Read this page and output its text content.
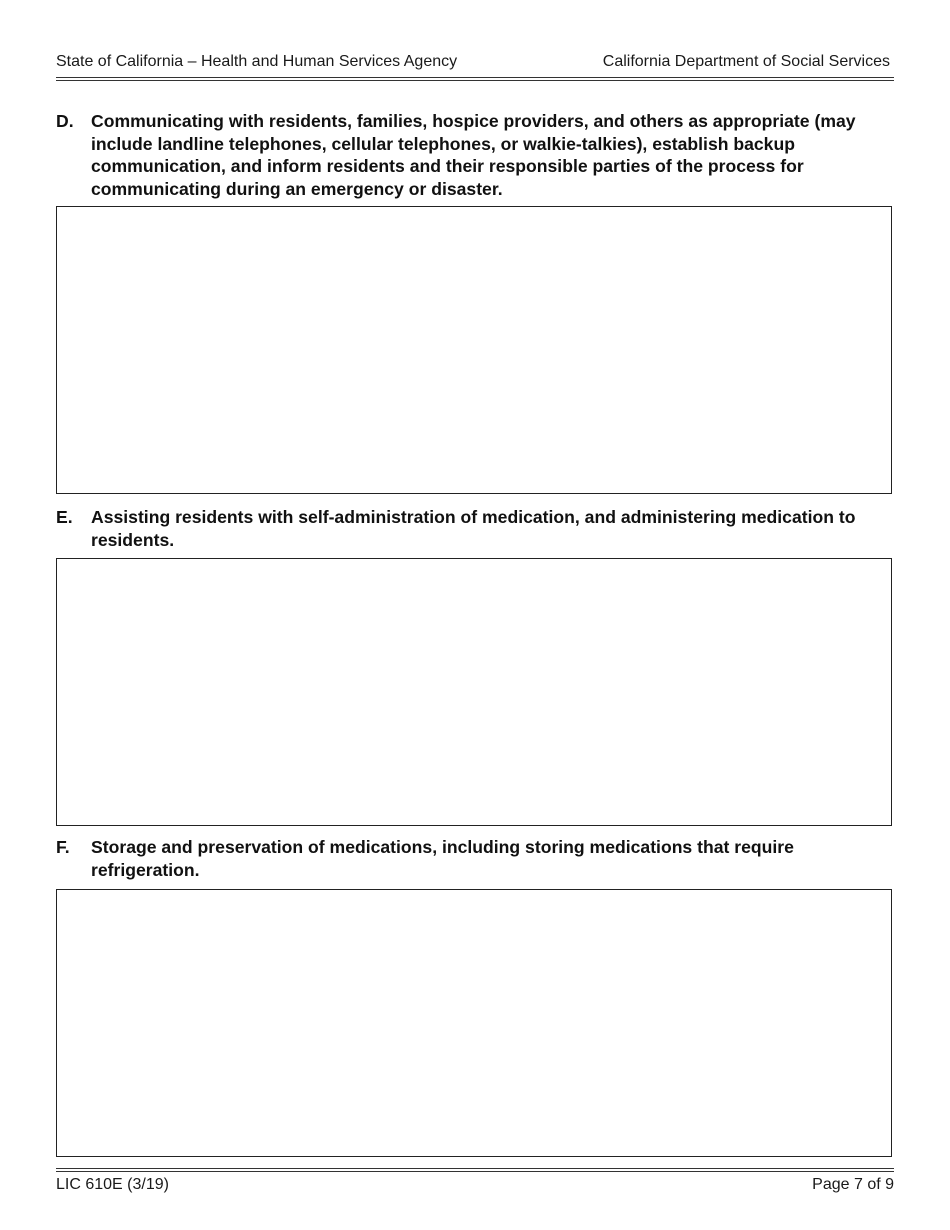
State of California – Health and Human Services Agency	California Department of Social Services
D. Communicating with residents, families, hospice providers, and others as appropriate (may include landline telephones, cellular telephones, or walkie-talkies), establish backup communication, and inform residents and their responsible parties of the process for communicating during an emergency or disaster.
E. Assisting residents with self-administration of medication, and administering medication to residents.
F. Storage and preservation of medications, including storing medications that require refrigeration.
LIC 610E (3/19)	Page 7 of 9
